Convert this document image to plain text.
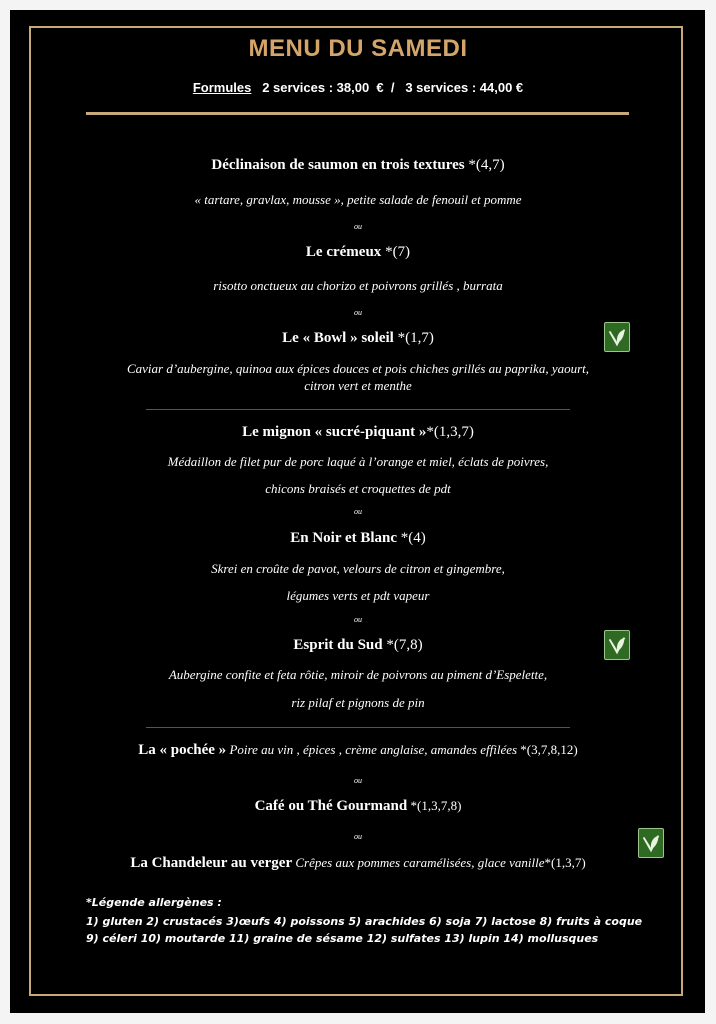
MENU DU SAMEDI
Formules 2 services : 38,00  €  /   3 services : 44,00 €
Déclinaison de saumon en trois textures *(4,7)
« tartare, gravlax, mousse », petite salade de fenouil et pomme
ou
Le crémeux *(7)
risotto onctueux au chorizo et poivrons grillés , burrata
ou
Le « Bowl » soleil *(1,7)
Caviar d’aubergine, quinoa aux épices douces et pois chiches grillés au paprika, yaourt,
citron vert et menthe
Le mignon « sucré-piquant »*(1,3,7)
Médaillon de filet pur de porc laqué à l’orange et miel, éclats de poivres,
chicons braisés et croquettes de pdt
ou
En Noir et Blanc *(4)
Skrei en croûte de pavot, velours de citron et gingembre,
légumes verts et pdt vapeur
ou
Esprit du Sud *(7,8)
Aubergine confite et feta rôtie, miroir de poivrons au piment d’Espelette,
riz pilaf et pignons de pin
La « pochée » Poire au vin , épices , crème anglaise, amandes effilées *(3,7,8,12)
ou
Café ou Thé Gourmand *(1,3,7,8)
ou
La Chandeleur au verger Crêpes aux pommes caramélisées, glace vanille*(1,3,7)
*Légende allergènes :
1) gluten 2) crustacés 3)œufs 4) poissons 5) arachides 6) soja 7) lactose 8) fruits à coque
9) céleri 10) moutarde 11) graine de sésame 12) sulfates 13) lupin 14) mollusques
